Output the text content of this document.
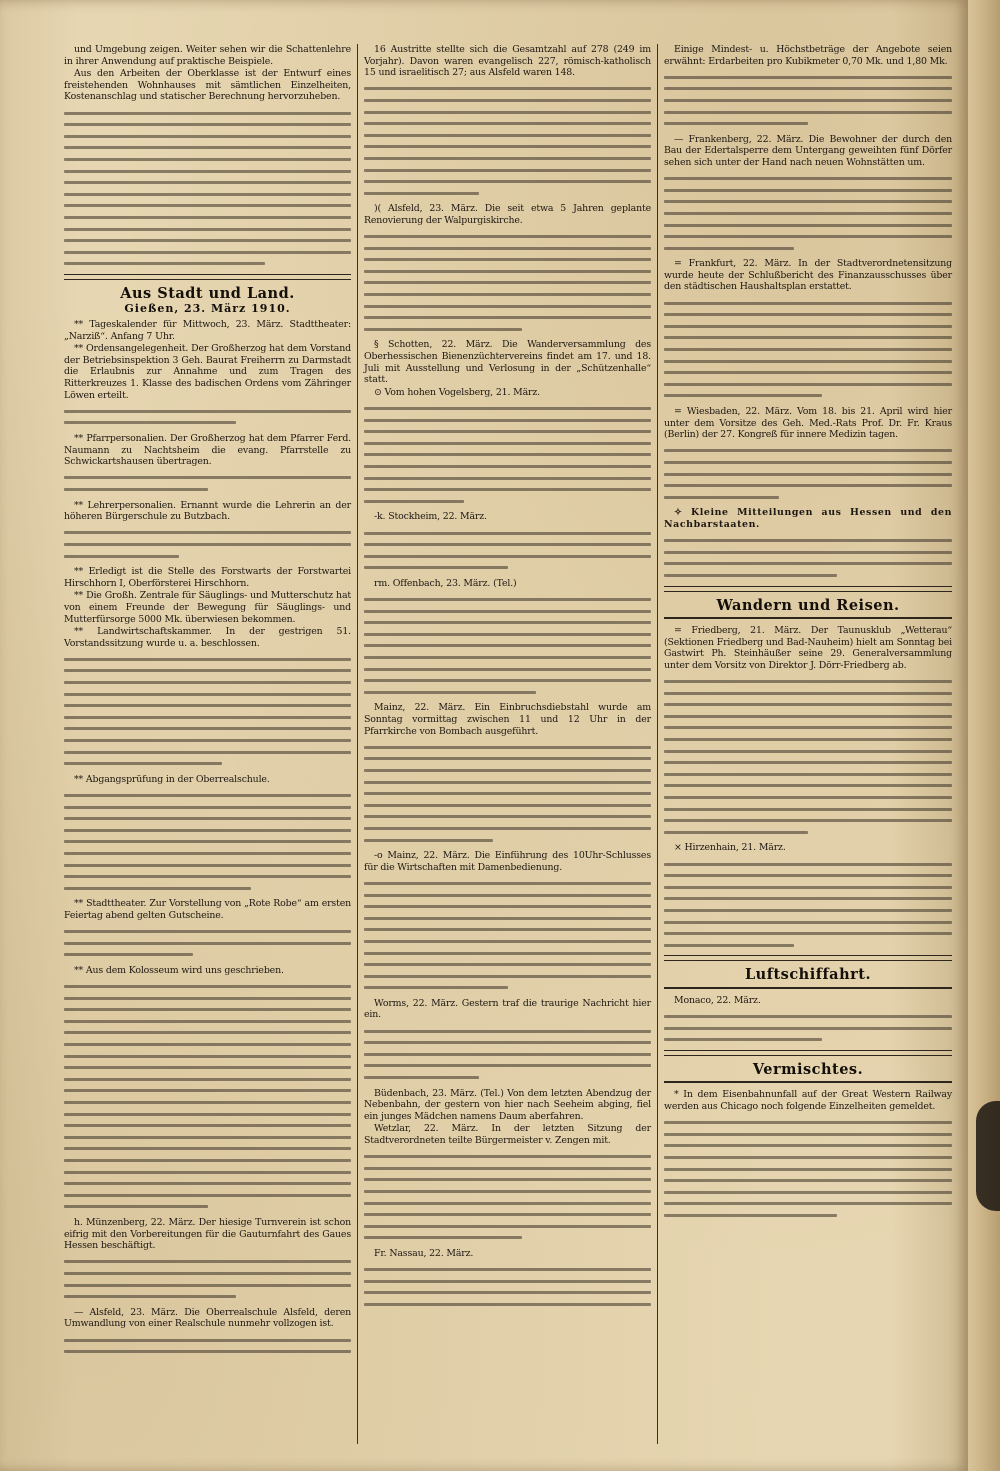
und Umgebung zeigen. Weiter sehen wir die Schattenlehre in ihrer Anwendung auf praktische Beispiele.

Aus den Arbeiten der Oberklasse ist der Entwurf eines freistehenden Wohnhauses mit sämtlichen Einzelheiten, Kostenanschlag und statischer Berechnung hervorzuheben.

Aus Stadt und Land.
Gießen, 23. März 1910.

** Tageskalender für Mittwoch, 23. März. Stadttheater: „Narziß“. Anfang 7 Uhr.

** Ordensangelegenheit. Der Großherzog hat dem Vorstand der Betriebsinspektion 3 Geh. Baurat Freiherrn zu Darmstadt die Erlaubnis zur Annahme und zum Tragen des Ritterkreuzes 1. Klasse des badischen Ordens vom Zähringer Löwen erteilt.

** Pfarrpersonalien. Der Großherzog hat dem Pfarrer Ferd. Naumann zu Nachtsheim die evang. Pfarrstelle zu Schwickartshausen übertragen.

** Lehrerpersonalien. Ernannt wurde die Lehrerin an der höheren Bürgerschule zu Butzbach.

** Erledigt ist die Stelle des Forstwarts der Forstwartei Hirschhorn I, Oberförsterei Hirschhorn.

** Die Großh. Zentrale für Säuglings- und Mutterschutz hat von einem Freunde der Bewegung für Säuglings- und Mutterfürsorge 5000 Mk. überwiesen bekommen.

** Landwirtschaftskammer. In der gestrigen 51. Vorstandssitzung wurde u. a. beschlossen.

** Abgangsprüfung in der Oberrealschule.

** Stadttheater. Zur Vorstellung von „Rote Robe“ am ersten Feiertag abend gelten Gutscheine.

** Aus dem Kolosseum wird uns geschrieben.

h. Münzenberg, 22. März. Der hiesige Turnverein ist schon eifrig mit den Vorbereitungen für die Gauturnfahrt des Gaues Hessen beschäftigt.

— Alsfeld, 23. März. Die Oberrealschule Alsfeld, deren Umwandlung von einer Realschule nunmehr vollzogen ist.

16 Austritte stellte sich die Gesamtzahl auf 278 (249 im Vorjahr). Davon waren evangelisch 227, römisch-katholisch 15 und israelitisch 27; aus Alsfeld waren 148.

)( Alsfeld, 23. März. Die seit etwa 5 Jahren geplante Renovierung der Walpurgiskirche.

§ Schotten, 22. März. Die Wanderversammlung des Oberhessischen Bienenzüchtervereins findet am 17. und 18. Juli mit Ausstellung und Verlosung in der „Schützenhalle“ statt.

⊙ Vom hohen Vogelsberg, 21. März.

-k. Stockheim, 22. März.

rm. Offenbach, 23. März. (Tel.)

Mainz, 22. März. Ein Einbruchsdiebstahl wurde am Sonntag vormittag zwischen 11 und 12 Uhr in der Pfarrkirche von Bombach ausgeführt.

-o Mainz, 22. März. Die Einführung des 10Uhr-Schlusses für die Wirtschaften mit Damenbedienung.

Worms, 22. März. Gestern traf die traurige Nachricht hier ein.

Büdenbach, 23. März. (Tel.) Von dem letzten Abendzug der Nebenbahn, der gestern von hier nach Seeheim abging, fiel ein junges Mädchen namens Daum aberfahren.

Wetzlar, 22. März. In der letzten Sitzung der Stadtverordneten teilte Bürgermeister v. Zengen mit.

Fr. Nassau, 22. März.

Einige Mindest- u. Höchstbeträge der Angebote seien erwähnt: Erdarbeiten pro Kubikmeter 0,70 Mk. und 1,80 Mk.

— Frankenberg, 22. März. Die Bewohner der durch den Bau der Edertalsperre dem Untergang geweihten fünf Dörfer sehen sich unter der Hand nach neuen Wohnstätten um.

= Frankfurt, 22. März. In der Stadtverordnetensitzung wurde heute der Schlußbericht des Finanzausschusses über den städtischen Haushaltsplan erstattet.

= Wiesbaden, 22. März. Vom 18. bis 21. April wird hier unter dem Vorsitze des Geh. Med.-Rats Prof. Dr. Fr. Kraus (Berlin) der 27. Kongreß für innere Medizin tagen.

✧ Kleine Mitteilungen aus Hessen und den Nachbarstaaten.

Wandern und Reisen.

= Friedberg, 21. März. Der Taunusklub „Wetterau“ (Sektionen Friedberg und Bad-Nauheim) hielt am Sonntag bei Gastwirt Ph. Steinhäußer seine 29. Generalversammlung unter dem Vorsitz von Direktor J. Dörr-Friedberg ab.

× Hirzenhain, 21. März.

Luftschiffahrt.

Monaco, 22. März.

Vermischtes.

* In dem Eisenbahnunfall auf der Great Western Railway werden aus Chicago noch folgende Einzelheiten gemeldet.
